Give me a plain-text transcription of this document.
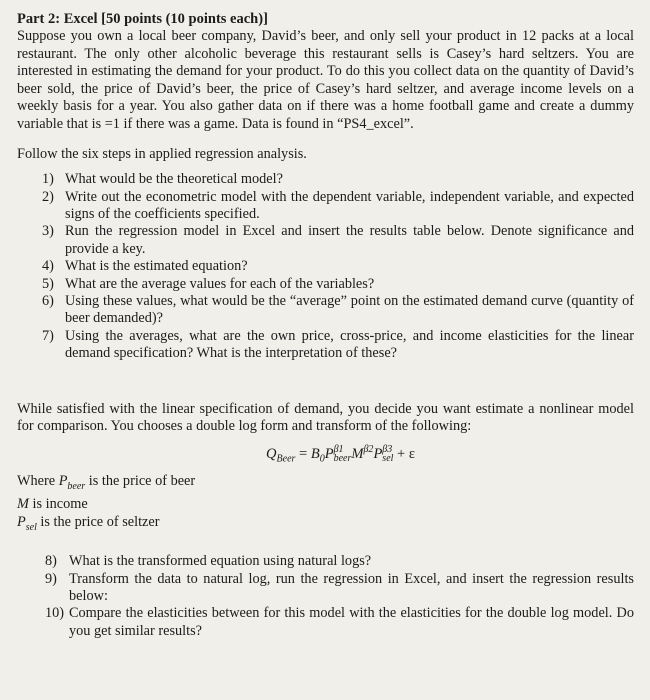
Part 2: Excel [50 points (10 points each)]

Suppose you own a local beer company, David’s beer, and only sell your product in 12 packs at a local restaurant. The only other alcoholic beverage this restaurant sells is Casey’s hard seltzers. You are interested in estimating the demand for your product. To do this you collect data on the quantity of David’s beer sold, the price of David’s beer, the price of Casey’s hard seltzer, and average income levels on a weekly basis for a year. You also gather data on if there was a home football game and create a dummy variable that is =1 if there was a game. Data is found in “PS4_excel”.

Follow the six steps in applied regression analysis.

1) What would be the theoretical model?
2) Write out the econometric model with the dependent variable, independent variable, and expected signs of the coefficients specified.
3) Run the regression model in Excel and insert the results table below. Denote significance and provide a key.
4) What is the estimated equation?
5) What are the average values for each of the variables?
6) Using these values, what would be the “average” point on the estimated demand curve (quantity of beer demanded)?
7) Using the averages, what are the own price, cross-price, and income elasticities for the linear demand specification? What is the interpretation of these?

While satisfied with the linear specification of demand, you decide you want estimate a nonlinear model for comparison. You chooses a double log form and transform of the following:

$Q_{Beer} = B_0P$ β1
beer $M^{\beta 2}P$ β3
sel + ε
Where $P_{beer}$ is the price of beer
M is income
$P_{sel}$ is the price of seltzer
8) What is the transformed equation using natural logs?
9) Transform the data to natural log, run the regression in Excel, and insert the regression results below:
10) Compare the elasticities between for this model with the elasticities for the double log model. Do you get similar results?
